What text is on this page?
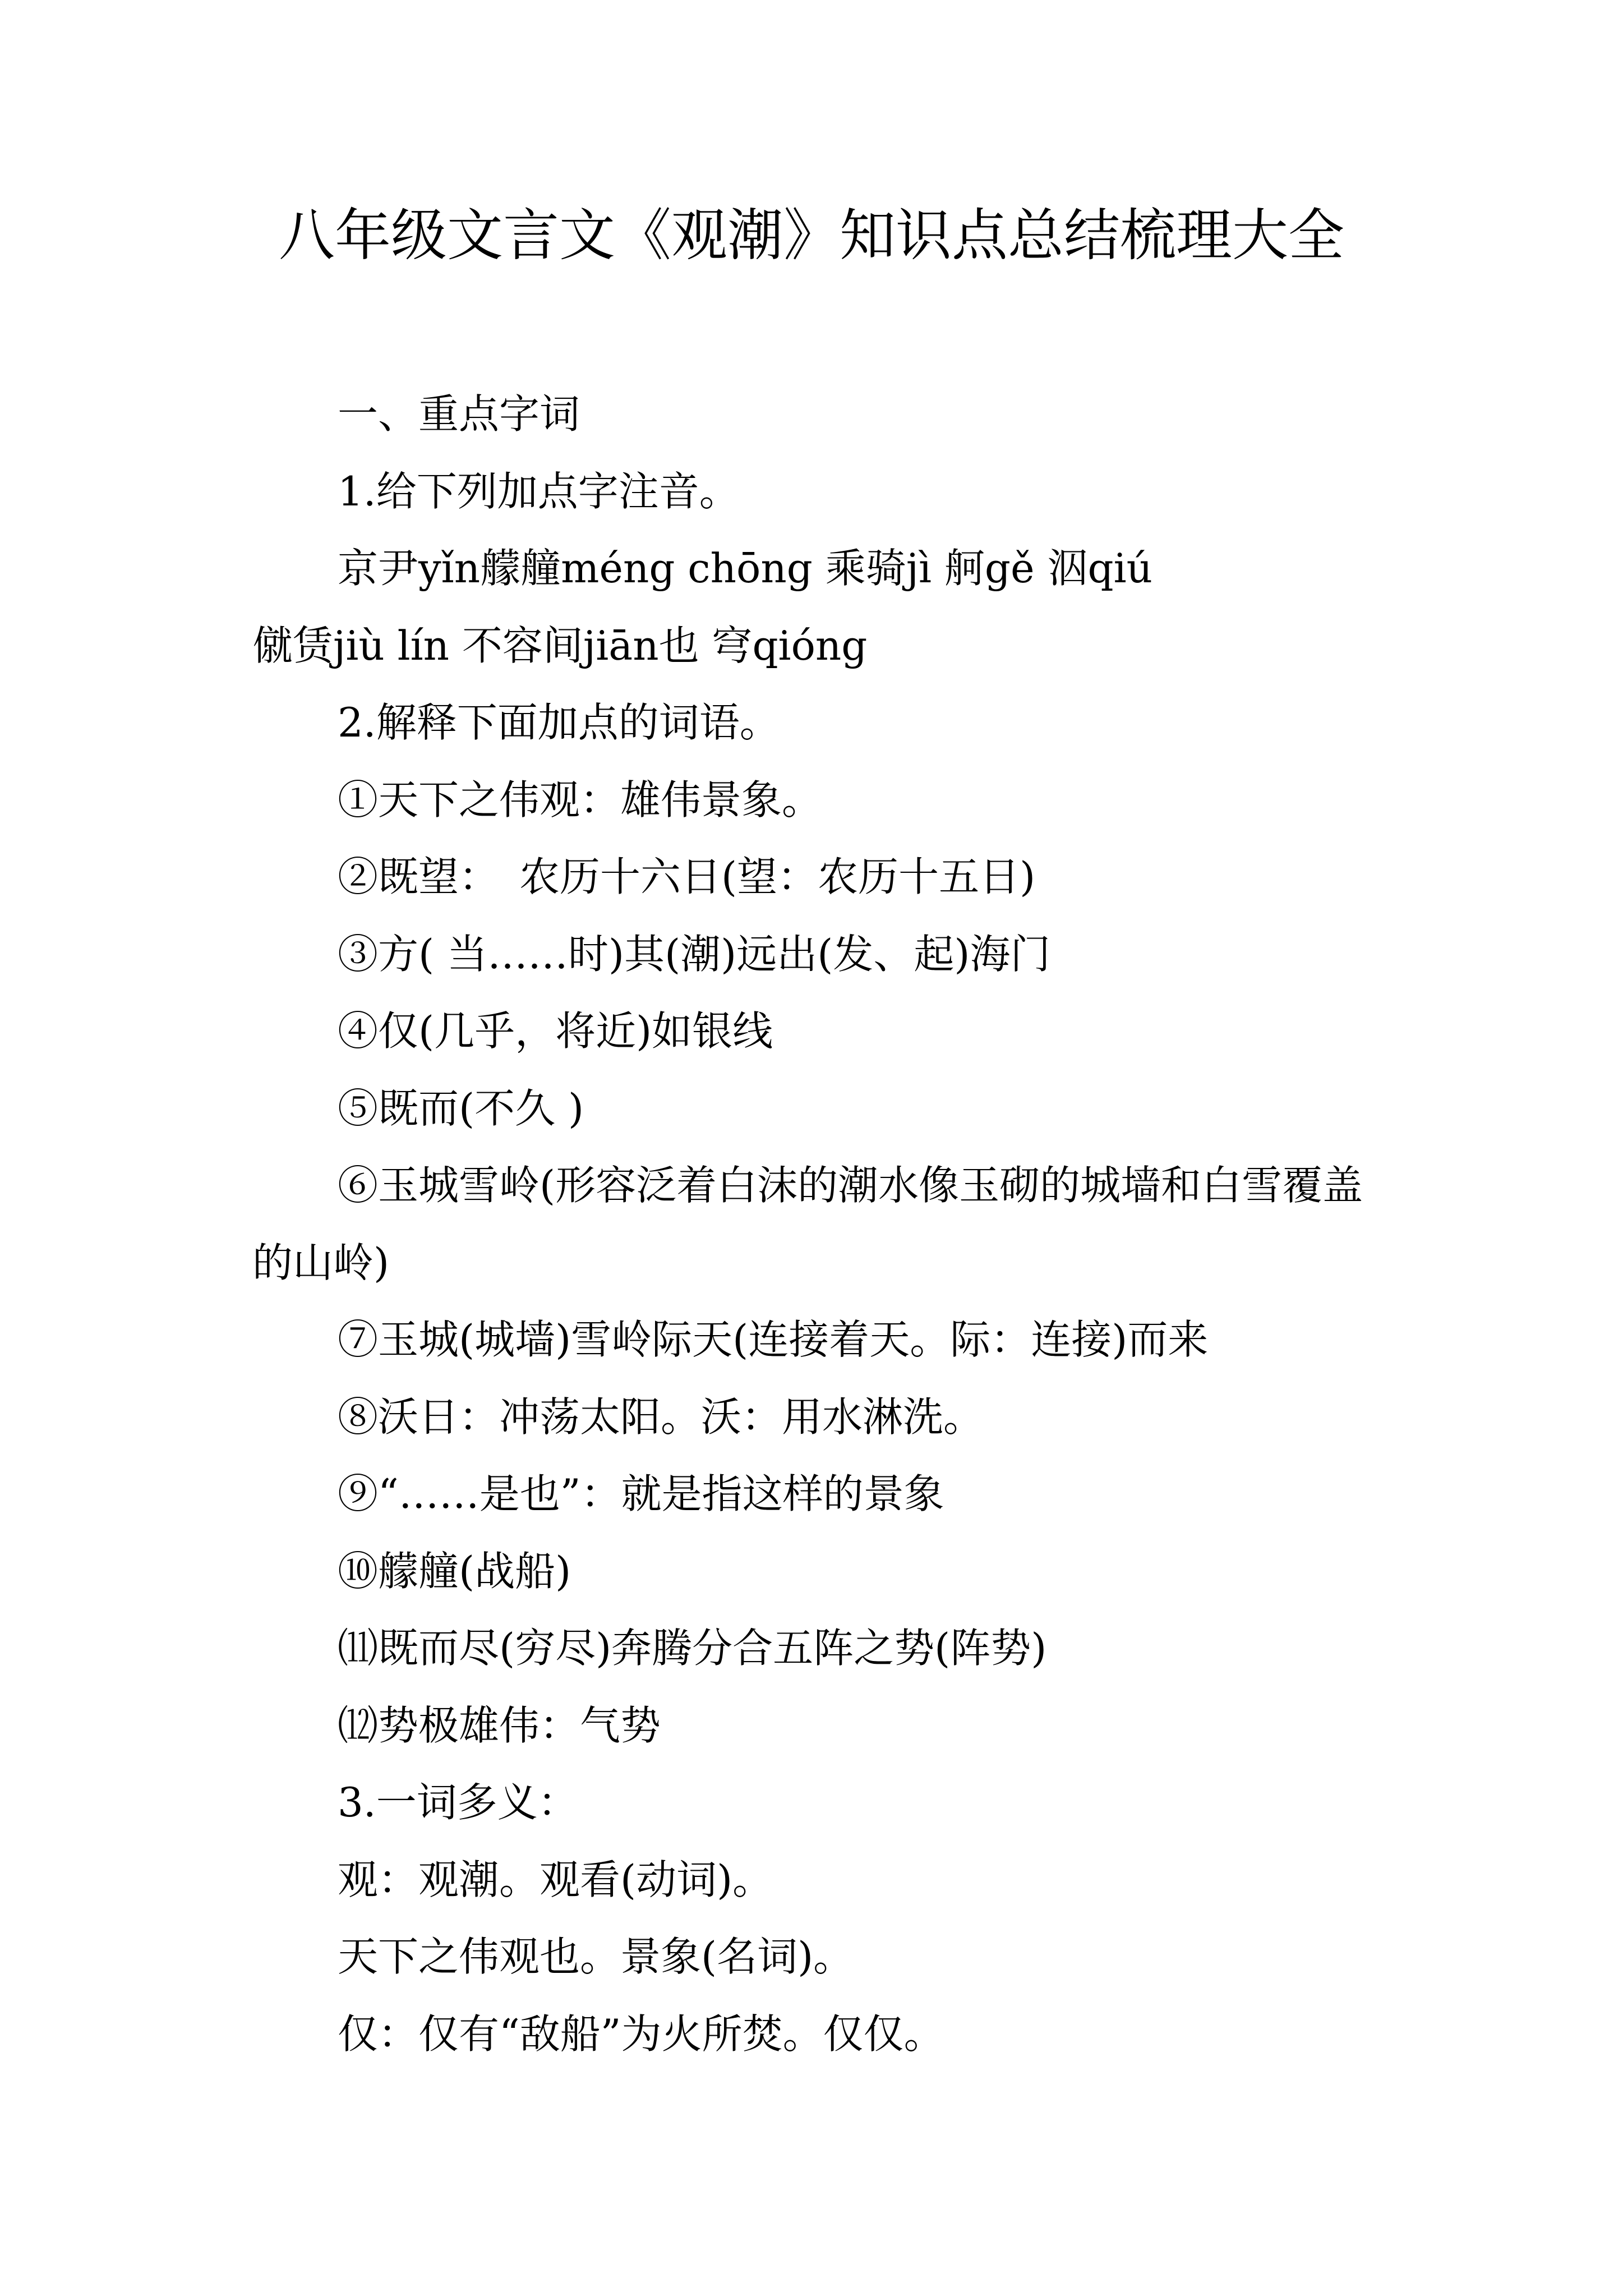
八年级文言文《观潮》知识点总结梳理大全

一、重点字词

1.给下列加点字注音。

京尹yǐn艨艟méng chōng 乘骑jì 舸gě 泅qiú

僦赁jiù lín 不容间jiān也 穹qióng

2.解释下面加点的词语。

①天下之伟观：雄伟景象。

②既望：　农历十六日(望：农历十五日)

③方( 当……时)其(潮)远出(发、起)海门

④仅(几乎，将近)如银线

⑤既而(不久 )

⑥玉城雪岭(形容泛着白沫的潮水像玉砌的城墙和白雪覆盖的山岭)

⑦玉城(城墙)雪岭际天(连接着天。际：连接)而来

⑧沃日：冲荡太阳。沃：用水淋洗。

⑨“……是也”：就是指这样的景象

⑩艨艟(战船)

⑾既而尽(穷尽)奔腾分合五阵之势(阵势)

⑿势极雄伟：气势

3.一词多义：

观：观潮。观看(动词)。

天下之伟观也。景象(名词)。

仅：仅有“敌船”为火所焚。仅仅。
